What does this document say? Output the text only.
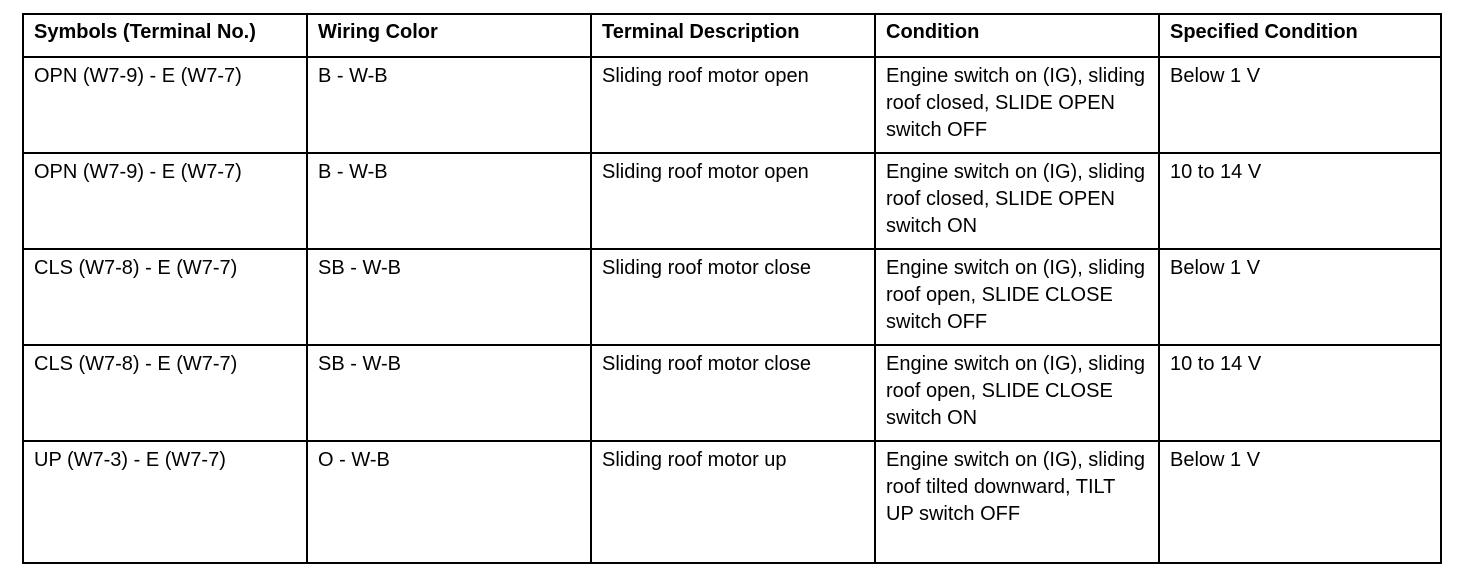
Symbols (Terminal No.)	Wiring Color	Terminal Description	Condition	Specified Condition
OPN (W7-9) - E (W7-7)	B - W-B	Sliding roof motor open	Engine switch on (IG), sliding roof closed, SLIDE OPEN switch OFF	Below 1 V
OPN (W7-9) - E (W7-7)	B - W-B	Sliding roof motor open	Engine switch on (IG), sliding roof closed, SLIDE OPEN switch ON	10 to 14 V
CLS (W7-8) - E (W7-7)	SB - W-B	Sliding roof motor close	Engine switch on (IG), sliding roof open, SLIDE CLOSE switch OFF	Below 1 V
CLS (W7-8) - E (W7-7)	SB - W-B	Sliding roof motor close	Engine switch on (IG), sliding roof open, SLIDE CLOSE switch ON	10 to 14 V
UP (W7-3) - E (W7-7)	O - W-B	Sliding roof motor up	Engine switch on (IG), sliding roof tilted downward, TILT UP switch OFF	Below 1 V
